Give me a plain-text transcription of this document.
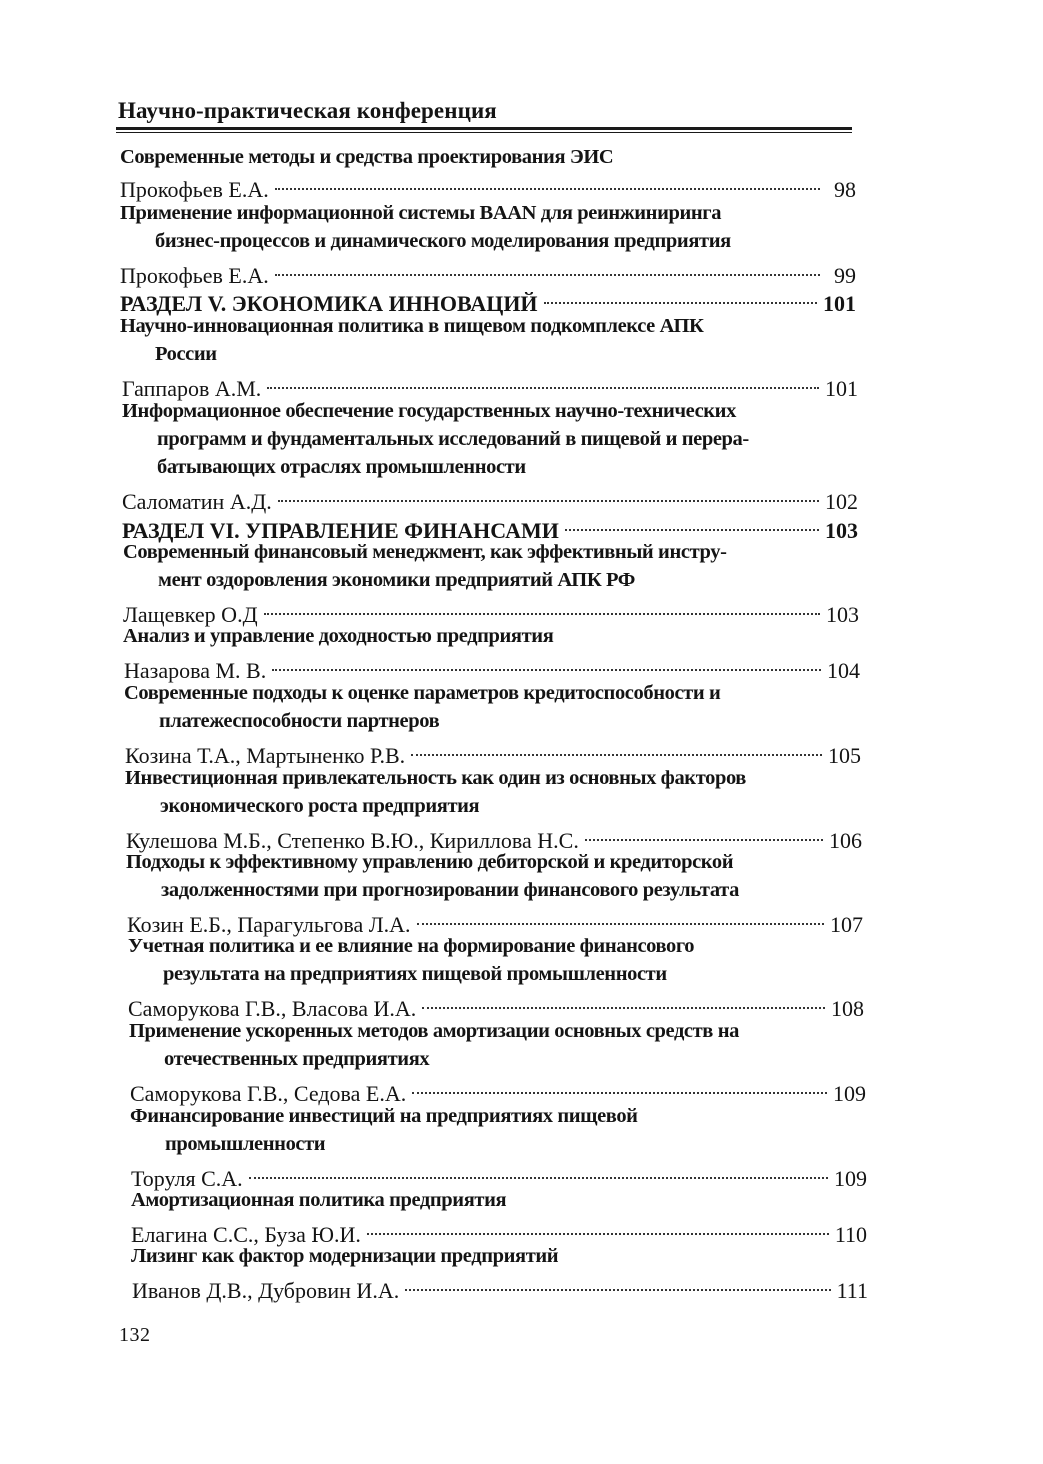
Научно-практическая конференция
Современные методы и средства проектирования ЭИС
Прокофьев Е.А.	98
Применение информационной системы BAAN для реинжиниринга
бизнес-процессов и динамического моделирования предприятия
Прокофьев Е.А.	99
РАЗДЕЛ V. ЭКОНОМИКА ИННОВАЦИЙ	101
Научно-инновационная политика в пищевом подкомплексе АПК
России
Гаппаров А.М.	101
Информационное обеспечение государственных научно-технических
программ и фундаментальных исследований в пищевой и перера-
батывающих отраслях промышленности
Саломатин А.Д.	102
РАЗДЕЛ VI. УПРАВЛЕНИЕ ФИНАНСАМИ	103
Современный финансовый менеджмент, как эффективный инстру-
мент оздоровления экономики предприятий АПК РФ
Лащевкер О.Д	103
Анализ и управление доходностью предприятия
Назарова М. В.	104
Современные подходы к оценке параметров кредитоспособности и
платежеспособности партнеров
Козина Т.А., Мартыненко Р.В.	105
Инвестиционная привлекательность как один из основных факторов
экономического роста предприятия
Кулешова М.Б., Степенко В.Ю., Кириллова Н.С.	106
Подходы к эффективному управлению дебиторской и кредиторской
задолженностями при прогнозировании финансового результата
Козин Е.Б., Парагульгова Л.А.	107
Учетная политика и ее влияние на формирование финансового
результата на предприятиях пищевой промышленности
Саморукова Г.В., Власова И.А.	108
Применение ускоренных методов амортизации основных средств на
отечественных предприятиях
Саморукова Г.В., Седова Е.А.	109
Финансирование инвестиций на предприятиях пищевой
промышленности
Торуля С.А.	109
Амортизационная политика предприятия
Елагина С.С., Буза Ю.И.	110
Лизинг как фактор модернизации предприятий
Иванов Д.В., Дубровин И.А.	111
132
